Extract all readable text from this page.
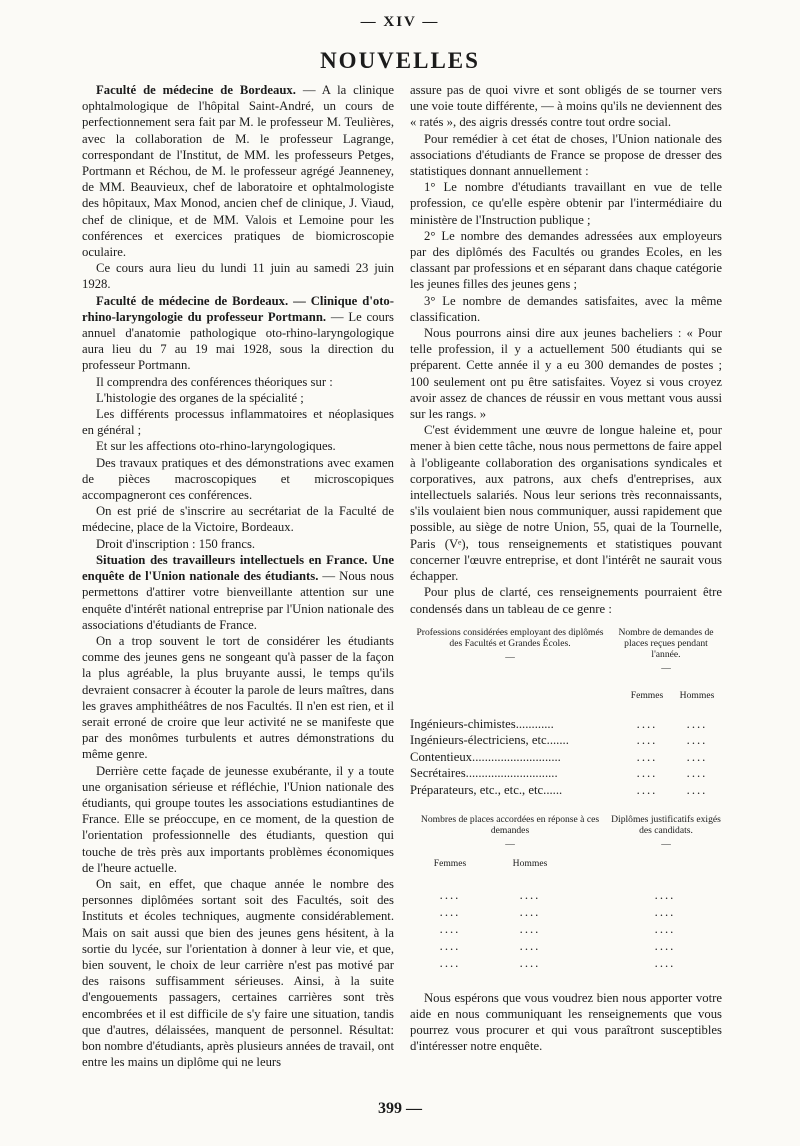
— XIV —
NOUVELLES

Faculté de médecine de Bordeaux. — A la clinique ophtalmologique de l'hôpital Saint-André, un cours de perfectionnement sera fait par M. le professeur M. Teulières, avec la collaboration de M. le professeur Lagrange, correspondant de l'Institut, de MM. les professeurs Petges, Portmann et Réchou, de M. le professeur agrégé Jeanneney, de MM. Beauvieux, chef de laboratoire et ophtalmologiste des hôpitaux, Max Monod, ancien chef de clinique, J. Viaud, chef de clinique, et de MM. Valois et Lemoine pour les conférences et exercices pratiques de biomicroscopie oculaire.

Ce cours aura lieu du lundi 11 juin au samedi 23 juin 1928.

Faculté de médecine de Bordeaux. — Clinique d'oto-rhino-laryngologie du professeur Portmann. — Le cours annuel d'anatomie pathologique oto-rhino-laryngologique aura lieu du 7 au 19 mai 1928, sous la direction du professeur Portmann.

Il comprendra des conférences théoriques sur :

L'histologie des organes de la spécialité ;

Les différents processus inflammatoires et néoplasiques en général ;

Et sur les affections oto-rhino-laryngologiques.

Des travaux pratiques et des démonstrations avec examen de pièces macroscopiques et microscopiques accompagneront ces conférences.

On est prié de s'inscrire au secrétariat de la Faculté de médecine, place de la Victoire, Bordeaux.

Droit d'inscription : 150 francs.

Situation des travailleurs intellectuels en France. Une enquête de l'Union nationale des étudiants. — Nous nous permettons d'attirer votre bienveillante attention sur une enquête d'intérêt national entreprise par l'Union nationale des associations d'étudiants de France.

On a trop souvent le tort de considérer les étudiants comme des jeunes gens ne songeant qu'à passer de la façon la plus agréable, la plus bruyante aussi, le temps qu'ils devraient consacrer à écouter la parole de leurs maîtres, dans les graves amphithéâtres de nos Facultés. Il n'en est rien, et il serait erroné de croire que leur activité ne se manifeste que par des monômes turbulents et autres démonstrations du même genre.

Derrière cette façade de jeunesse exubérante, il y a toute une organisation sérieuse et réfléchie, l'Union nationale des étudiants, qui groupe toutes les associations estudiantines de France. Elle se préoccupe, en ce moment, de la question de l'orientation professionnelle des étudiants, question qui touche de très près aux importants problèmes économiques de l'heure actuelle.

On sait, en effet, que chaque année le nombre des personnes diplômées sortant soit des Facultés, soit des Instituts et écoles techniques, augmente considérablement. Mais on sait aussi que bien des jeunes gens hésitent, à la sortie du lycée, sur l'orientation à donner à leur vie, et que, bien souvent, le choix de leur carrière n'est pas motivé par des raisons suffisamment sérieuses. Ainsi, à la suite d'engouements passagers, certaines carrières sont très encombrées et il est difficile de s'y faire une situation, tandis que d'autres, délaissées, manquent de personnel. Résultat: bon nombre d'étudiants, après plusieurs années de travail, ont entre les mains un diplôme qui ne leurs

assure pas de quoi vivre et sont obligés de se tourner vers une voie toute différente, — à moins qu'ils ne deviennent des « ratés », des aigris dressés contre tout ordre social.

Pour remédier à cet état de choses, l'Union nationale des associations d'étudiants de France se propose de dresser des statistiques donnant annuellement :

1° Le nombre d'étudiants travaillant en vue de telle profession, ce qu'elle espère obtenir par l'intermédiaire du ministère de l'Instruction publique ;

2° Le nombre des demandes adressées aux employeurs par des diplômés des Facultés ou grandes Ecoles, en les classant par professions et en séparant dans chaque catégorie les jeunes filles des jeunes gens ;

3° Le nombre de demandes satisfaites, avec la même classification.

Nous pourrons ainsi dire aux jeunes bacheliers : « Pour telle profession, il y a actuellement 500 étudiants qui se préparent. Cette année il y a eu 300 demandes de postes ; 100 seulement ont pu être satisfaites. Voyez si vous croyez avoir assez de chances de réussir en vous mettant vous aussi sur les rangs. »

C'est évidemment une œuvre de longue haleine et, pour mener à bien cette tâche, nous nous permettons de faire appel à l'obligeante collaboration des organisations syndicales et corporatives, aux patrons, aux chefs d'entreprises, aux intellectuels salariés. Nous leur serions très reconnaissants, s'ils voulaient bien nous communiquer, aussi rapidement que possible, au siège de notre Union, 55, quai de la Tournelle, Paris (Vᵉ), tous renseignements et statistiques pouvant concerner l'œuvre entreprise, et dont l'intérêt ne saurait vous échapper.

Pour plus de clarté, ces renseignements pourraient être condensés dans un tableau de ce genre :

Professions considérées employant des diplômés des Facultés et Grandes Écoles.
—
Nombre de demandes de places reçues pendant l'année.
—
Femmes	Hommes
Ingénieurs-chimistes............	....	....
Ingénieurs-électriciens, etc.......	....	....
Contentieux............................	....	....
Secrétaires.............................	....	....
Préparateurs, etc., etc., etc......	....	....
Nombres de places accordées en réponse à ces demandes
—
Diplômes justificatifs exigés des candidats.
—
Femmes	Hommes
....	....	....
....	....	....
....	....	....
....	....	....
....	....	....

Nous espérons que vous voudrez bien nous apporter votre aide en nous communiquant les renseignements que vous pourrez vous procurer et qui vous paraîtront susceptibles d'intéresser notre enquête.

399 —
